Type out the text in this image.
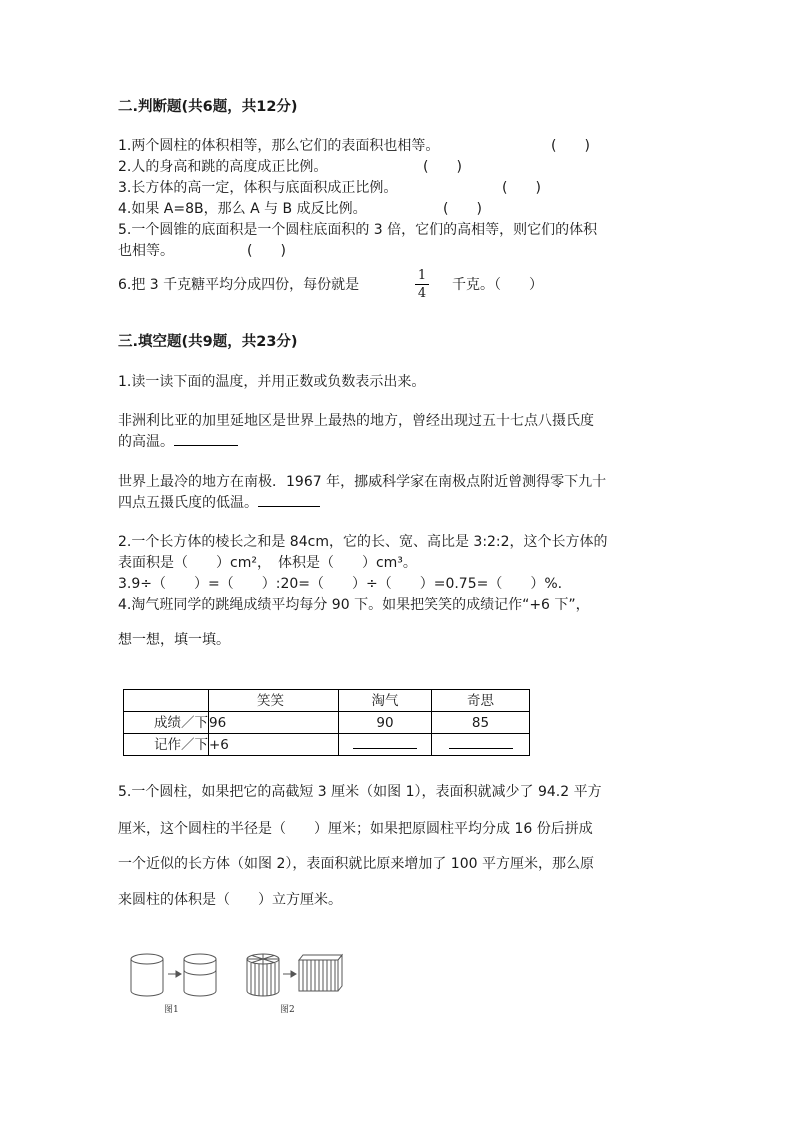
二.判断题(共6题，共12分)
1.两个圆柱的体积相等，那么它们的表面积也相等。	(　　)
2.人的身高和跳的高度成正比例。	(　　)
3.长方体的高一定，体积与底面积成正比例。	(　　)
4.如果 A=8B，那么 A 与 B 成反比例。	(　　)
5.一个圆锥的底面积是一个圆柱底面积的 3 倍，它们的高相等，则它们的体积
也相等。	(　　)
6.把 3 千克糖平均分成四份，每份就是
1
4
千克。（　　）
三.填空题(共9题，共23分)
1.读一读下面的温度，并用正数或负数表示出来。
非洲利比亚的加里延地区是世界上最热的地方，曾经出现过五十七点八摄氏度
的高温。
世界上最冷的地方在南极．1967 年，挪威科学家在南极点附近曾测得零下九十
四点五摄氏度的低温。
2.一个长方体的棱长之和是 84cm，它的长、宽、高比是 3:2:2，这个长方体的
表面积是（　　）cm²，　体积是（　　）cm³。
3.9÷（　　）=（　　）:20=（　　）÷（　　）=0.75=（　　）%.
4.淘气班同学的跳绳成绩平均每分 90 下。如果把笑笑的成绩记作“+6 下”，
想一想，填一填。
	笑笑	淘气	奇思
成绩／下	96	90	85
记作／下	+6		
5.一个圆柱，如果把它的高截短 3 厘米（如图 1），表面积就减少了 94.2 平方
厘米，这个圆柱的半径是（　　）厘米；如果把原圆柱平均分成 16 份后拼成
一个近似的长方体（如图 2），表面积就比原来增加了 100 平方厘米，那么原
来圆柱的体积是（　　）立方厘米。
图1	图2
